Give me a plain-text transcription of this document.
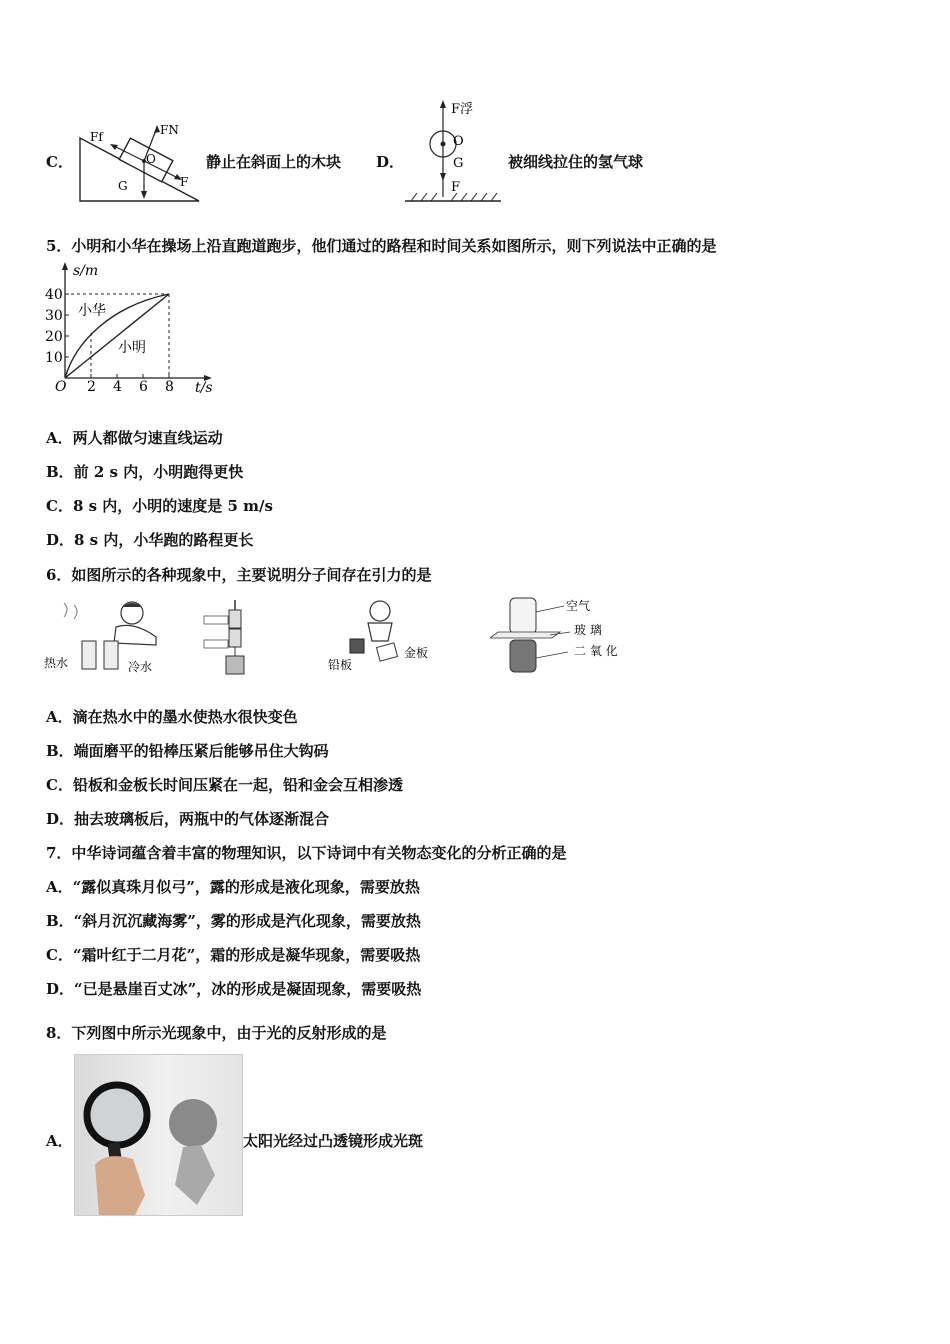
C．
Ff	FN
O
G	F
静止在斜面上的木块 D．
F浮
O
G
F
被细线拉住的氢气球
5．小明和小华在操场上沿直跑道跑步，他们通过的路程和时间关系如图所示，则下列说法中正确的是
s/m
t/s
O
10
20
30
40
2 4 6 8
小华
小明
A．两人都做匀速直线运动
B．前 2 s 内，小明跑得更快
C．8 s 内，小明的速度是 5 m/s
D．8 s 内，小华跑的路程更长
6．如图所示的各种现象中，主要说明分子间存在引力的是
热水	冷水	铅板
金板
空气
玻 璃
二 氧 化
A．滴在热水中的墨水使热水很快变色
B．端面磨平的铅棒压紧后能够吊住大钩码
C．铅板和金板长时间压紧在一起，铅和金会互相渗透
D．抽去玻璃板后，两瓶中的气体逐渐混合
7．中华诗词蕴含着丰富的物理知识，以下诗词中有关物态变化的分析正确的是
A．“露似真珠月似弓”，露的形成是液化现象，需要放热
B．“斜月沉沉藏海雾”，雾的形成是汽化现象，需要放热
C．“霜叶红于二月花”，霜的形成是凝华现象，需要吸热
D．“已是悬崖百丈冰”，冰的形成是凝固现象，需要吸热
8．下列图中所示光现象中，由于光的反射形成的是
A．	太阳光经过凸透镜形成光斑
